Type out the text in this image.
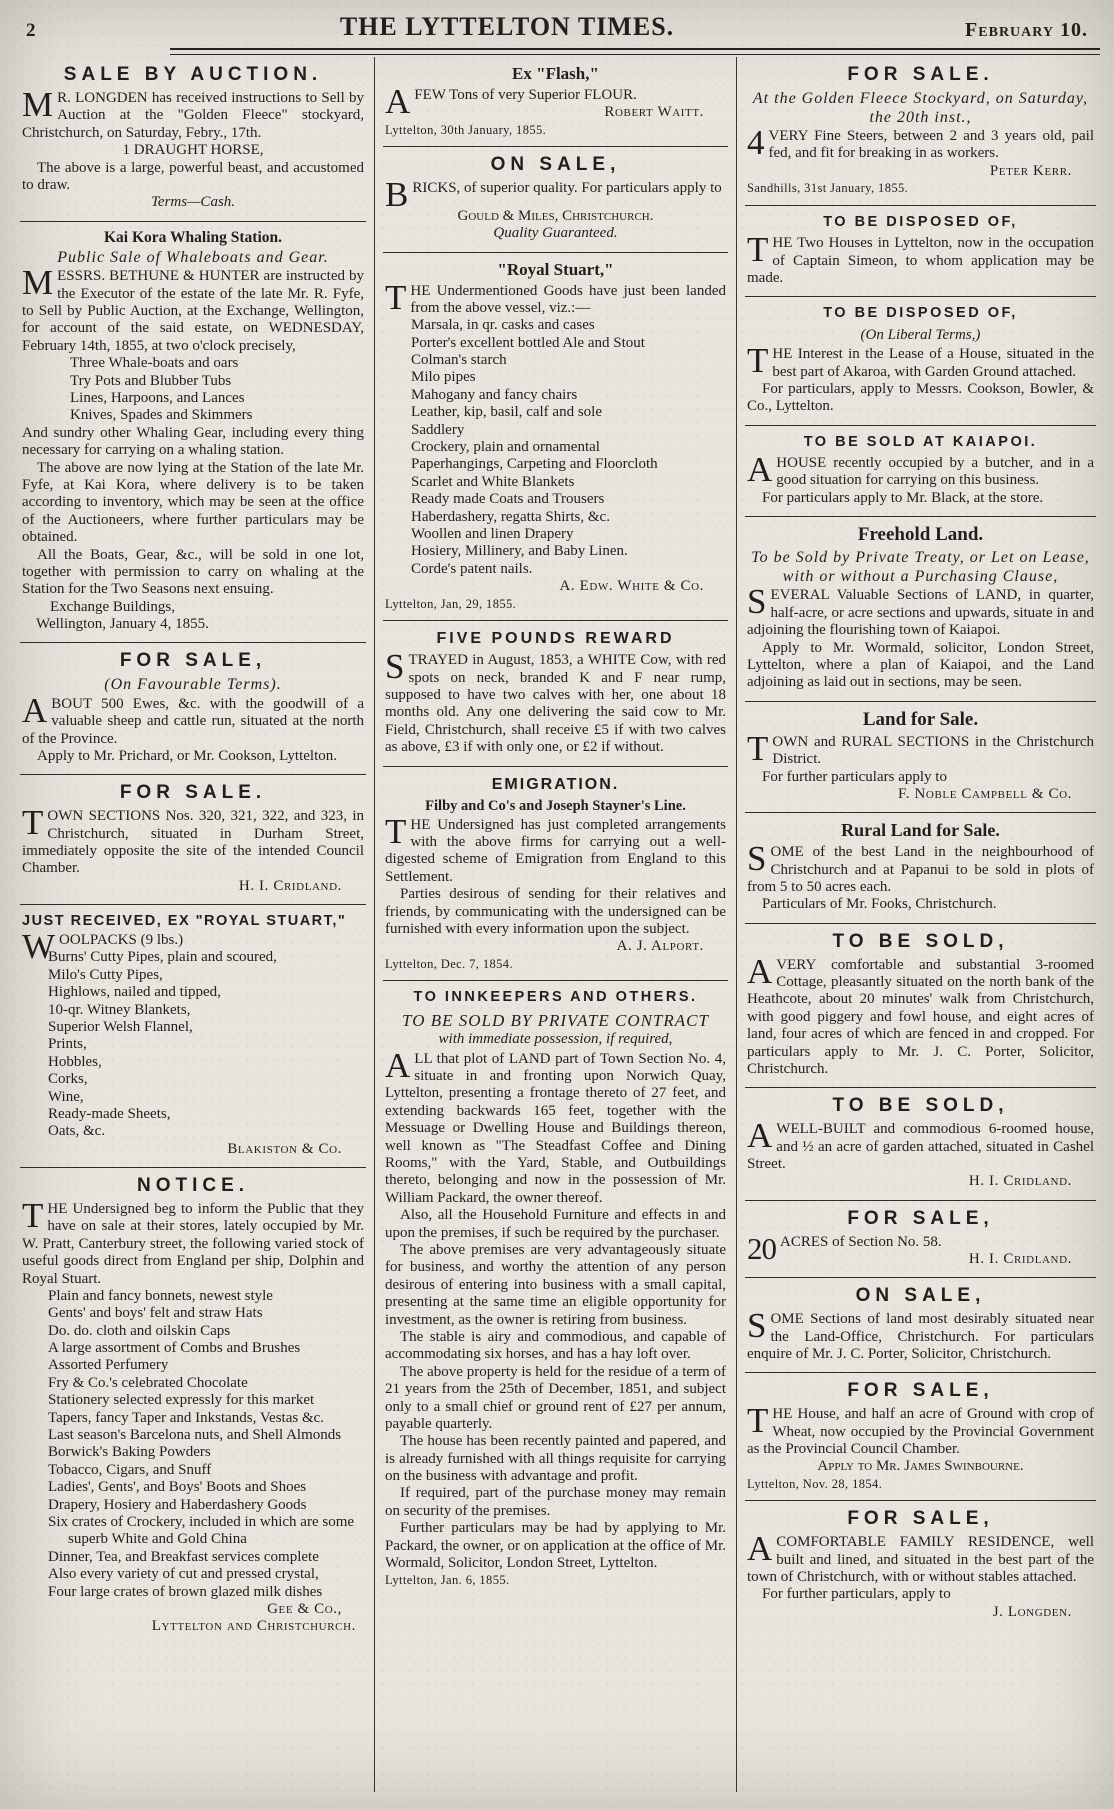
2	THE LYTTELTON TIMES.	February 10.
SALE BY AUCTION.

M R. LONGDEN has received instructions to Sell by Auction at the "Golden Fleece" stockyard, Christchurch, on Saturday, Febry., 17th.

1 DRAUGHT HORSE,

The above is a large, powerful beast, and accustomed to draw.

Terms—Cash.
Kai Kora Whaling Station.
Public Sale of Whaleboats and Gear.

MESSRS. BETHUNE & HUNTER are instructed by the Executor of the estate of the late Mr. R. Fyfe, to Sell by Public Auction, at the Exchange, Wellington, for account of the said estate, on WEDNESDAY, February 14th, 1855, at two o'clock precisely,

Three Whale-boats and oars
Try Pots and Blubber Tubs
Lines, Harpoons, and Lances
Knives, Spades and Skimmers

And sundry other Whaling Gear, including every thing necessary for carrying on a whaling station.

The above are now lying at the Station of the late Mr. Fyfe, at Kai Kora, where delivery is to be taken according to inventory, which may be seen at the office of the Auctioneers, where further particulars may be obtained.

All the Boats, Gear, &c., will be sold in one lot, together with permission to carry on whaling at the Station for the Two Seasons next ensuing.

Exchange Buildings,
Wellington, January 4, 1855.
FOR SALE,
(On Favourable Terms).

ABOUT 500 Ewes, &c. with the goodwill of a valuable sheep and cattle run, situated at the north of the Province.

Apply to Mr. Prichard, or Mr. Cookson, Lyttelton.

FOR SALE.

TOWN SECTIONS Nos. 320, 321, 322, and 323, in Christchurch, situated in Durham Street, immediately opposite the site of the intended Council Chamber.

H. I. Cridland.
JUST RECEIVED, EX "ROYAL STUART,"

WOOLPACKS (9 lbs.)

Burns' Cutty Pipes, plain and scoured,
Milo's Cutty Pipes,
Highlows, nailed and tipped,
10-qr. Witney Blankets,
Superior Welsh Flannel,
Prints,
Hobbles,
Corks,
Wine,
Ready-made Sheets,
Oats, &c.
Blakiston & Co.
NOTICE.

THE Undersigned beg to inform the Public that they have on sale at their stores, lately occupied by Mr. W. Pratt, Canterbury street, the following varied stock of useful goods direct from England per ship, Dolphin and Royal Stuart.

Plain and fancy bonnets, newest style
Gents' and boys' felt and straw Hats
Do. do. cloth and oilskin Caps
A large assortment of Combs and Brushes
Assorted Perfumery
Fry & Co.'s celebrated Chocolate
Stationery selected expressly for this market
Tapers, fancy Taper and Inkstands, Vestas &c.
Last season's Barcelona nuts, and Shell Almonds
Borwick's Baking Powders
Tobacco, Cigars, and Snuff
Ladies', Gents', and Boys' Boots and Shoes
Drapery, Hosiery and Haberdashery Goods
Six crates of Crockery, included in which are some superb White and Gold China
Dinner, Tea, and Breakfast services complete
Also every variety of cut and pressed crystal,
Four large crates of brown glazed milk dishes
Gee & Co.,
Lyttelton and Christchurch.
Ex "Flash,"

AFEW Tons of very Superior FLOUR.

Robert Waitt.
Lyttelton, 30th January, 1855.
ON SALE,

BRICKS, of superior quality. For particulars apply to

Gould & Miles, Christchurch.
Quality Guaranteed.
"Royal Stuart,"

THE Undermentioned Goods have just been landed from the above vessel, viz.:—

Marsala, in qr. casks and cases
Porter's excellent bottled Ale and Stout
Colman's starch
Milo pipes
Mahogany and fancy chairs
Leather, kip, basil, calf and sole
Saddlery
Crockery, plain and ornamental
Paperhangings, Carpeting and Floorcloth
Scarlet and White Blankets
Ready made Coats and Trousers
Haberdashery, regatta Shirts, &c.
Woollen and linen Drapery
Hosiery, Millinery, and Baby Linen.
Corde's patent nails.
A. Edw. White & Co.
Lyttelton, Jan, 29, 1855.
FIVE POUNDS REWARD

STRAYED in August, 1853, a WHITE Cow, with red spots on neck, branded K and F near rump, supposed to have two calves with her, one about 18 months old. Any one delivering the said cow to Mr. Field, Christchurch, shall receive £5 if with two calves as above, £3 if with only one, or £2 if without.

EMIGRATION.
Filby and Co's and Joseph Stayner's Line.

THE Undersigned has just completed arrangements with the above firms for carrying out a well-digested scheme of Emigration from England to this Settlement.

Parties desirous of sending for their relatives and friends, by communicating with the undersigned can be furnished with every information upon the subject.

A. J. Alport.
Lyttelton, Dec. 7, 1854.
TO INNKEEPERS AND OTHERS.
TO BE SOLD BY PRIVATE CONTRACT
with immediate possession, if required,

ALL that plot of LAND part of Town Section No. 4, situate in and fronting upon Norwich Quay, Lyttelton, presenting a frontage thereto of 27 feet, and extending backwards 165 feet, together with the Messuage or Dwelling House and Buildings thereon, well known as "The Steadfast Coffee and Dining Rooms," with the Yard, Stable, and Outbuildings thereto, belonging and now in the possession of Mr. William Packard, the owner thereof.

Also, all the Household Furniture and effects in and upon the premises, if such be required by the purchaser.

The above premises are very advantageously situate for business, and worthy the attention of any person desirous of entering into business with a small capital, presenting at the same time an eligible opportunity for investment, as the owner is retiring from business.

The stable is airy and commodious, and capable of accommodating six horses, and has a hay loft over.

The above property is held for the residue of a term of 21 years from the 25th of December, 1851, and subject only to a small chief or ground rent of £27 per annum, payable quarterly.

The house has been recently painted and papered, and is already furnished with all things requisite for carrying on the business with advantage and profit.

If required, part of the purchase money may remain on security of the premises.

Further particulars may be had by applying to Mr. Packard, the owner, or on application at the office of Mr. Wormald, Solicitor, London Street, Lyttelton.

Lyttelton, Jan. 6, 1855.
FOR SALE.
At the Golden Fleece Stockyard, on Saturday, the 20th inst.,

4 VERY Fine Steers, between 2 and 3 years old, pail fed, and fit for breaking in as workers.

Peter Kerr.
Sandhills, 31st January, 1855.
TO BE DISPOSED OF,

THE Two Houses in Lyttelton, now in the occupation of Captain Simeon, to whom application may be made.

TO BE DISPOSED OF,
(On Liberal Terms,)

THE Interest in the Lease of a House, situated in the best part of Akaroa, with Garden Ground attached.

For particulars, apply to Messrs. Cookson, Bowler, & Co., Lyttelton.

TO BE SOLD AT KAIAPOI.

AHOUSE recently occupied by a butcher, and in a good situation for carrying on this business.

For particulars apply to Mr. Black, at the store.

Freehold Land.
To be Sold by Private Treaty, or Let on Lease, with or without a Purchasing Clause,

SEVERAL Valuable Sections of LAND, in quarter, half-acre, or acre sections and upwards, situate in and adjoining the flourishing town of Kaiapoi.

Apply to Mr. Wormald, solicitor, London Street, Lyttelton, where a plan of Kaiapoi, and the Land adjoining as laid out in sections, may be seen.

Land for Sale.

TOWN and RURAL SECTIONS in the Christchurch District.

For further particulars apply to

F. Noble Campbell & Co.
Rural Land for Sale.

SOME of the best Land in the neighbourhood of Christchurch and at Papanui to be sold in plots of from 5 to 50 acres each.

Particulars of Mr. Fooks, Christchurch.

TO BE SOLD,

AVERY comfortable and substantial 3-roomed Cottage, pleasantly situated on the north bank of the Heathcote, about 20 minutes' walk from Christchurch, with good piggery and fowl house, and eight acres of land, four acres of which are fenced in and cropped. For particulars apply to Mr. J. C. Porter, Solicitor, Christchurch.

TO BE SOLD,

AWELL-BUILT and commodious 6-roomed house, and ½ an acre of garden attached, situated in Cashel Street.

H. I. Cridland.
FOR SALE,

20 ACRES of Section No. 58.

H. I. Cridland.
ON SALE,

SOME Sections of land most desirably situated near the Land-Office, Christchurch. For particulars enquire of Mr. J. C. Porter, Solicitor, Christchurch.

FOR SALE,

THE House, and half an acre of Ground with crop of Wheat, now occupied by the Provincial Government as the Provincial Council Chamber.

Apply to Mr. James Swinbourne.
Lyttelton, Nov. 28, 1854.
FOR SALE,

ACOMFORTABLE FAMILY RESIDENCE, well built and lined, and situated in the best part of the town of Christchurch, with or without stables attached.

For further particulars, apply to

J. Longden.
